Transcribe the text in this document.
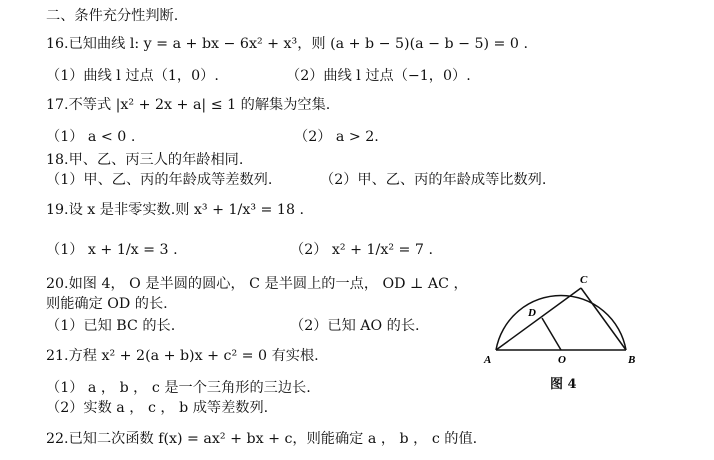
二、条件充分性判断.
16.已知曲线 l: y = a + bx − 6x² + x³，则 (a + b − 5)(a − b − 5) = 0 .
（1）曲线 l 过点（1，0）.	（2）曲线 l 过点（−1，0）.
17.不等式 |x² + 2x + a| ≤ 1 的解集为空集.
（1） a < 0 .	（2） a > 2.
18.甲、乙、丙三人的年龄相同.
（1）甲、乙、丙的年龄成等差数列.	（2）甲、乙、丙的年龄成等比数列.
19.设 x 是非零实数.则 x³ + 1/x³ = 18 .
（1） x + 1/x = 3 .	（2） x² + 1/x² = 7 .
20.如图 4， O 是半圆的圆心， C 是半圆上的一点， OD ⊥ AC ，
则能确定 OD 的长.
（1）已知 BC 的长.	（2）已知 AO 的长.
21.方程 x² + 2(a + b)x + c² = 0 有实根.
（1） a ， b ， c 是一个三角形的三边长.
（2）实数 a ， c ， b 成等差数列.
22.已知二次函数 f(x) = ax² + bx + c，则能确定 a ， b ， c 的值.
A	B
C
D
O
图 4
